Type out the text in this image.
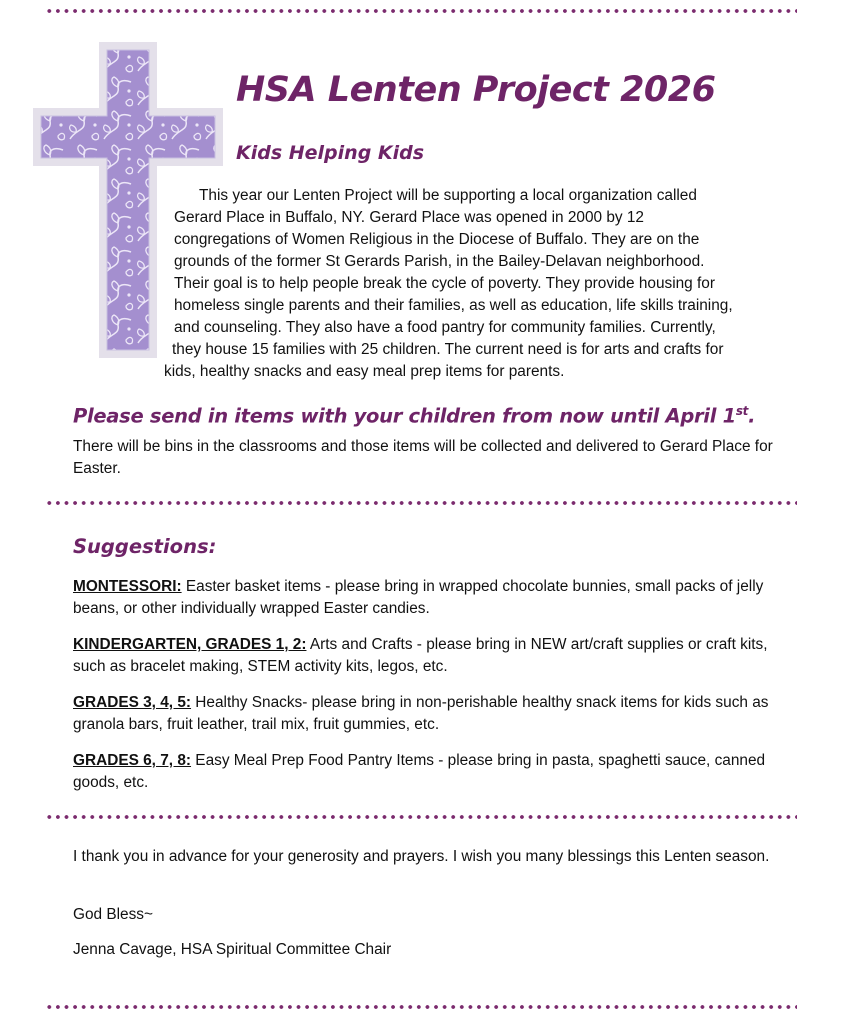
HSA Lenten Project 2026
Kids Helping Kids

This year our Lenten Project will be supporting a local organization called

Gerard Place in Buffalo, NY. Gerard Place was opened in 2000 by 12

congregations of Women Religious in the Diocese of Buffalo. They are on the

grounds of the former St Gerards Parish, in the Bailey-Delavan neighborhood.

Their goal is to help people break the cycle of poverty. They provide housing for

homeless single parents and their families, as well as education, life skills training,

and counseling. They also have a food pantry for community families. Currently,

they house 15 families with 25 children. The current need is for arts and crafts for

kids, healthy snacks and easy meal prep items for parents.

Please send in items with your children from now until April 1st.

There will be bins in the classrooms and those items will be collected and delivered to Gerard Place for Easter.

Suggestions:

MONTESSORI: Easter basket items - please bring in wrapped chocolate bunnies, small packs of jelly beans, or other individually wrapped Easter candies.

KINDERGARTEN, GRADES 1, 2: Arts and Crafts - please bring in NEW art/craft supplies or craft kits, such as bracelet making, STEM activity kits, legos, etc.

GRADES 3, 4, 5: Healthy Snacks- please bring in non-perishable healthy snack items for kids such as granola bars, fruit leather, trail mix, fruit gummies, etc.

GRADES 6, 7, 8: Easy Meal Prep Food Pantry Items - please bring in pasta, spaghetti sauce, canned goods, etc.

I thank you in advance for your generosity and prayers. I wish you many blessings this Lenten season.

God Bless~

Jenna Cavage, HSA Spiritual Committee Chair
